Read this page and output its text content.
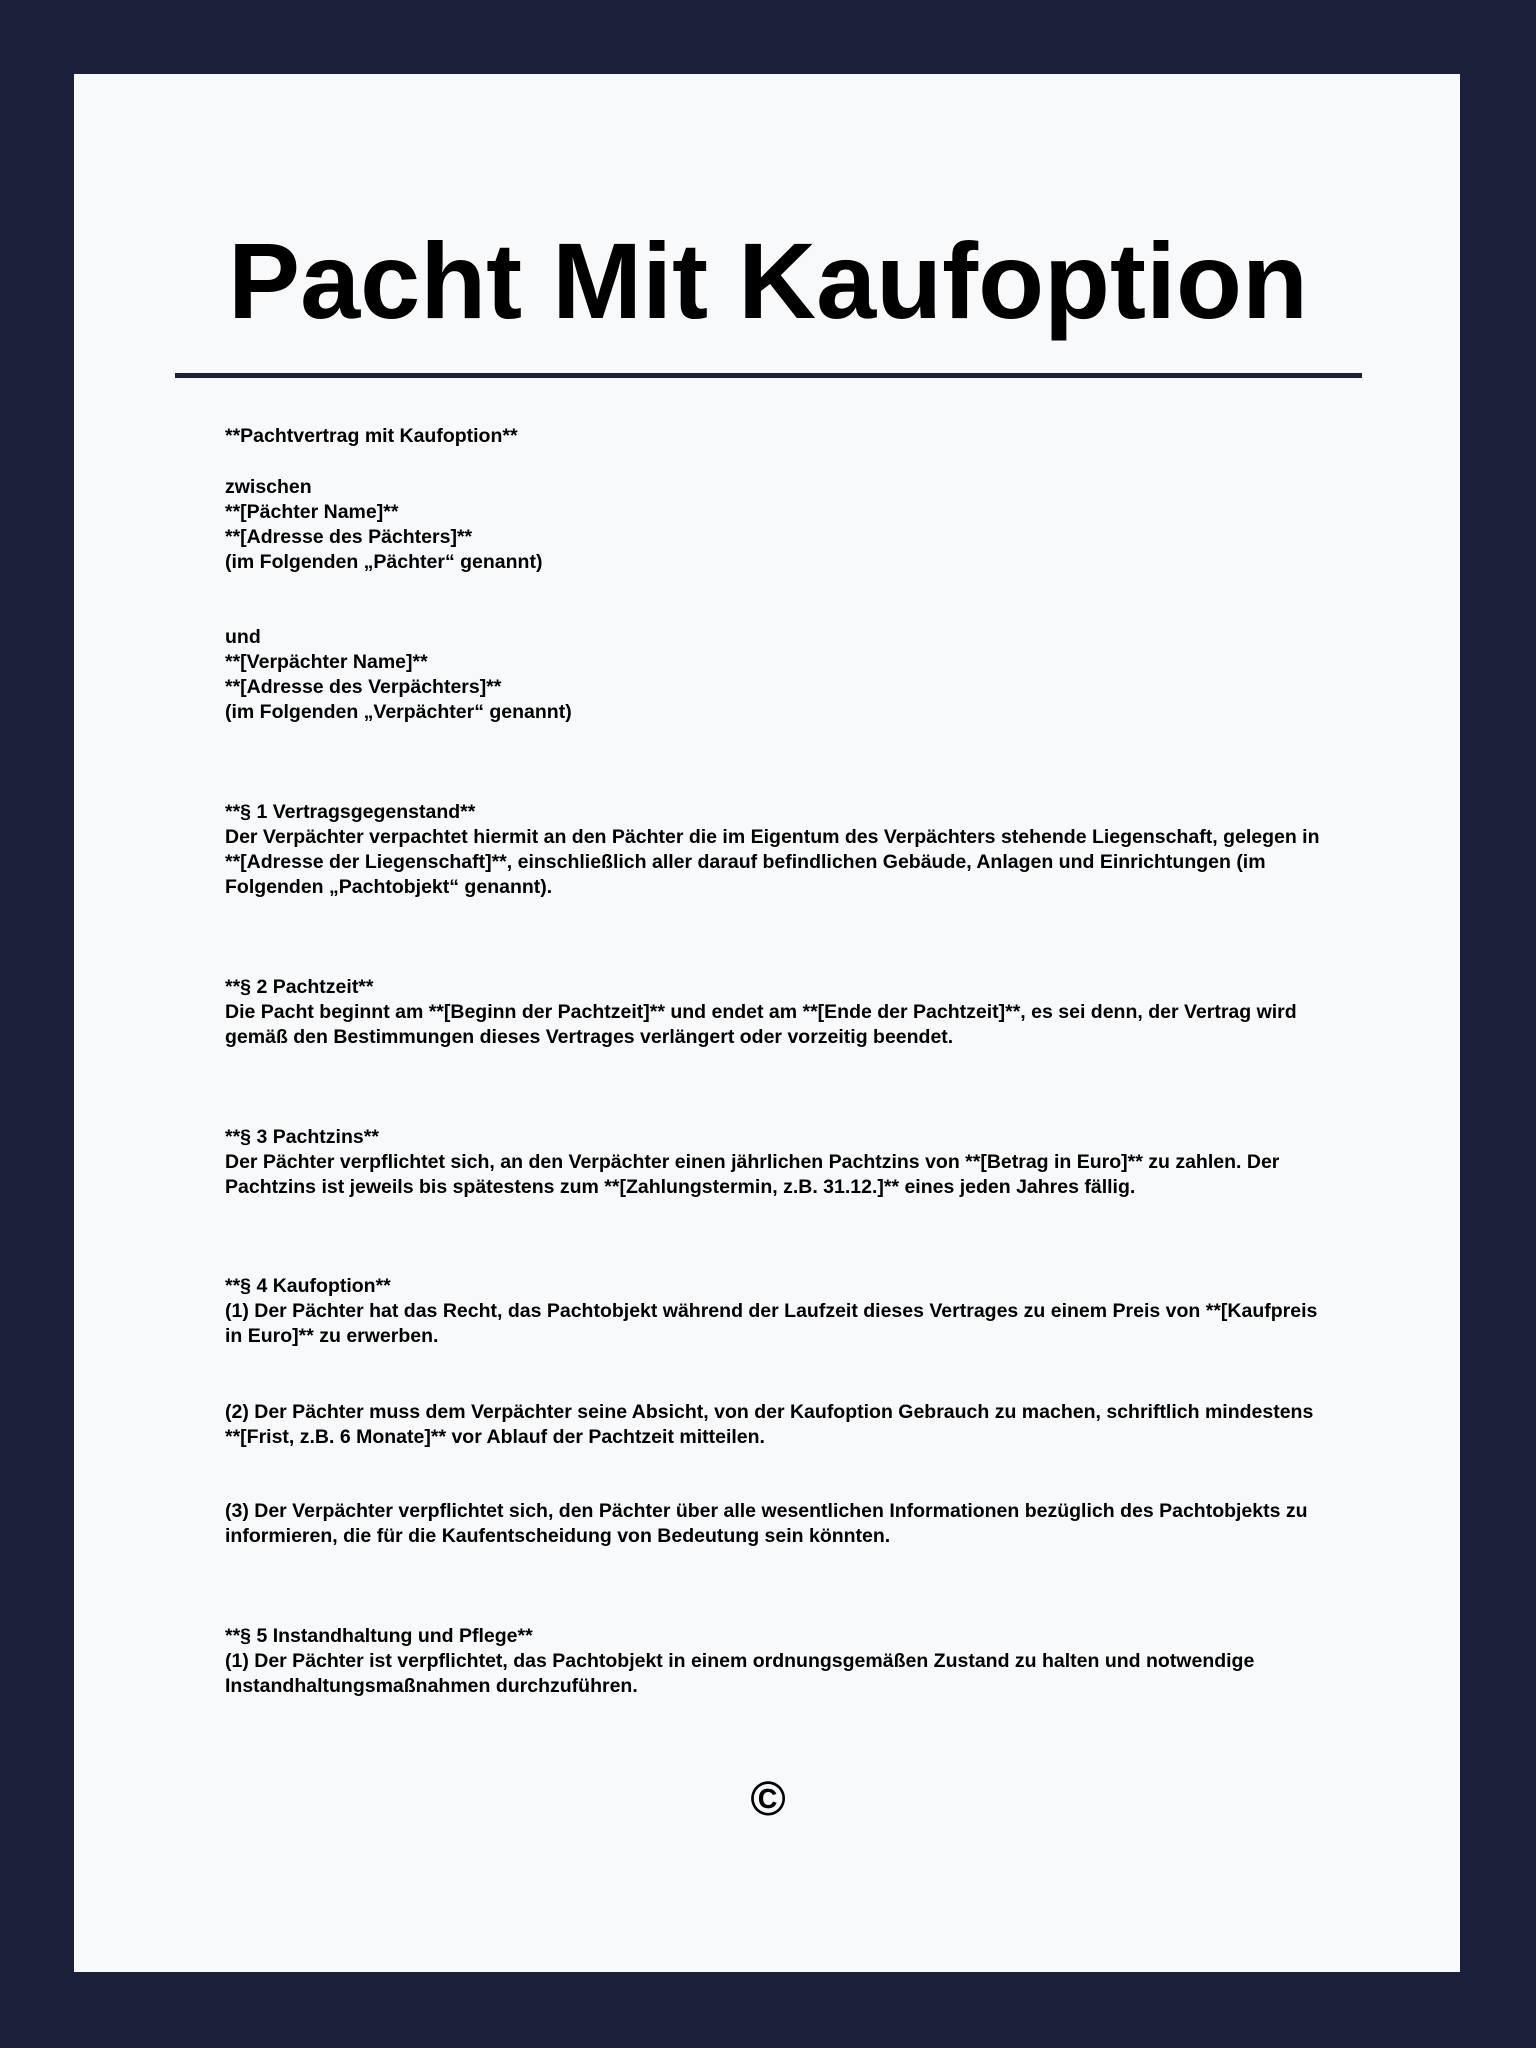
Pacht Mit Kaufoption
**Pachtvertrag mit Kaufoption**
zwischen
**[Pächter Name]**
**[Adresse des Pächters]**
(im Folgenden „Pächter“ genannt)
und
**[Verpächter Name]**
**[Adresse des Verpächters]**
(im Folgenden „Verpächter“ genannt)
**§ 1 Vertragsgegenstand**
Der Verpächter verpachtet hiermit an den Pächter die im Eigentum des Verpächters stehende Liegenschaft, gelegen in
**[Adresse der Liegenschaft]**, einschließlich aller darauf befindlichen Gebäude, Anlagen und Einrichtungen (im
Folgenden „Pachtobjekt“ genannt).
**§ 2 Pachtzeit**
Die Pacht beginnt am **[Beginn der Pachtzeit]** und endet am **[Ende der Pachtzeit]**, es sei denn, der Vertrag wird
gemäß den Bestimmungen dieses Vertrages verlängert oder vorzeitig beendet.
**§ 3 Pachtzins**
Der Pächter verpflichtet sich, an den Verpächter einen jährlichen Pachtzins von **[Betrag in Euro]** zu zahlen. Der
Pachtzins ist jeweils bis spätestens zum **[Zahlungstermin, z.B. 31.12.]** eines jeden Jahres fällig.
**§ 4 Kaufoption**
(1) Der Pächter hat das Recht, das Pachtobjekt während der Laufzeit dieses Vertrages zu einem Preis von **[Kaufpreis
in Euro]** zu erwerben.
(2) Der Pächter muss dem Verpächter seine Absicht, von der Kaufoption Gebrauch zu machen, schriftlich mindestens
**[Frist, z.B. 6 Monate]** vor Ablauf der Pachtzeit mitteilen.
(3) Der Verpächter verpflichtet sich, den Pächter über alle wesentlichen Informationen bezüglich des Pachtobjekts zu
informieren, die für die Kaufentscheidung von Bedeutung sein könnten.
**§ 5 Instandhaltung und Pflege**
(1) Der Pächter ist verpflichtet, das Pachtobjekt in einem ordnungsgemäßen Zustand zu halten und notwendige
Instandhaltungsmaßnahmen durchzuführen.
©
